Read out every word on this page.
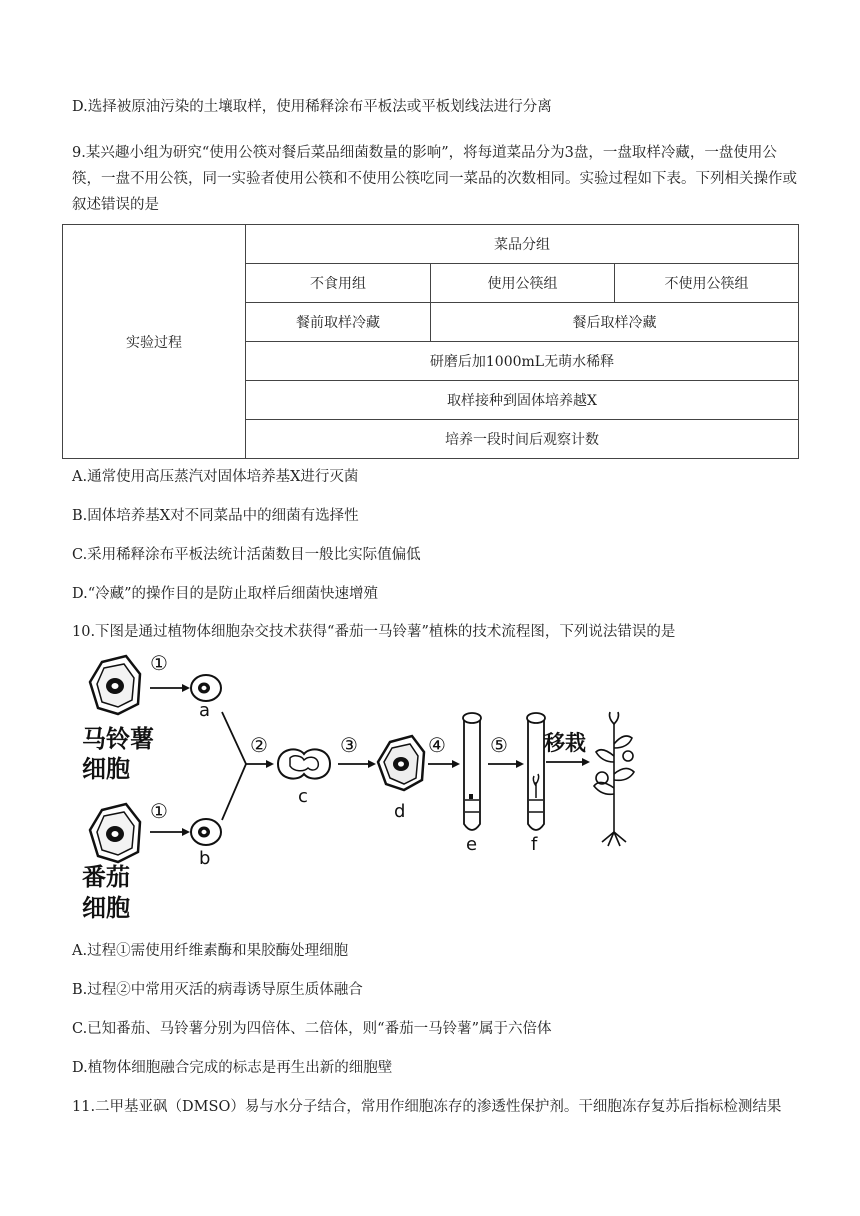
D.选择被原油污染的土壤取样，使用稀释涂布平板法或平板划线法进行分离
9.某兴趣小组为研究“使用公筷对餐后菜品细菌数量的影响”，将每道菜品分为3盘，一盘取样冷藏，一盘使用公筷，一盘不用公筷，同一实验者使用公筷和不使用公筷吃同一菜品的次数相同。实验过程如下表。下列相关操作或叙述错误的是
实验过程	菜品分组		
	不食用组	使用公筷组	不使用公筷组
	餐前取样冷藏	餐后取样冷藏	
	研磨后加1000mL无萌水稀释		
	取样接种到固体培养越X		
	培养一段时间后观察计数		
A.通常使用高压蒸汽对固体培养基X进行灭菌
B.固体培养基X对不同菜品中的细菌有选择性
C.采用稀释涂布平板法统计活菌数目一般比实际值偏低
D.“冷藏”的操作目的是防止取样后细菌快速增殖
10.下图是通过植物体细胞杂交技术获得“番茄一马铃薯”植株的技术流程图，下列说法错误的是
①
a
马铃薯
细胞
①
b
番茄
细胞
②
c
③
d
④
e
⑤
f
移栽
A.过程①需使用纤维素酶和果胶酶处理细胞
B.过程②中常用灭活的病毒诱导原生质体融合
C.已知番茄、马铃薯分别为四倍体、二倍体，则“番茄一马铃薯”属于六倍体
D.植物体细胞融合完成的标志是再生出新的细胞壁
11.二甲基亚砜（DMSO）易与水分子结合，常用作细胞冻存的渗透性保护剂。干细胞冻存复苏后指标检测结果
